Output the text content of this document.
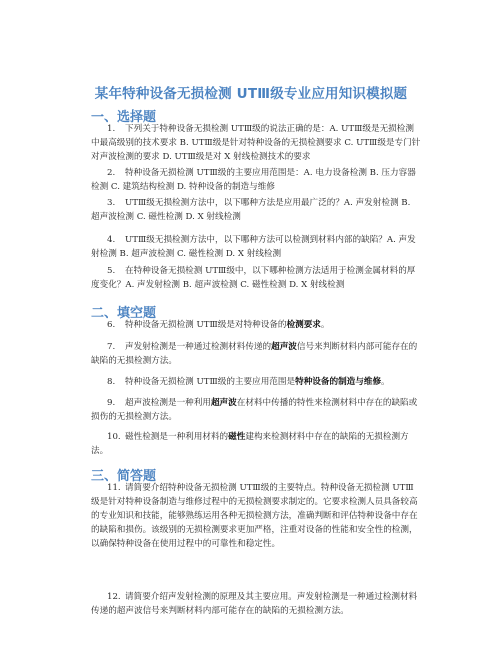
某年特种设备无损检测 UTⅢ级专业应用知识模拟题
一、选择题
1. 下列关于特种设备无损检测 UTⅢ级的说法正确的是：A. UTⅢ级是无损检测中最高级别的技术要求 B. UTⅢ级是针对特种设备的无损检测要求 C. UTⅢ级是专门针对声波检测的要求 D. UTⅢ级是对 X 射线检测技术的要求
2. 特种设备无损检测 UTⅢ级的主要应用范围是：A. 电力设备检测 B. 压力容器检测 C. 建筑结构检测 D. 特种设备的制造与维修
3. UTⅢ级无损检测方法中，以下哪种方法是应用最广泛的？A. 声发射检测 B. 超声波检测 C. 磁性检测 D. X 射线检测
4. UTⅢ级无损检测方法中，以下哪种方法可以检测到材料内部的缺陷？A. 声发射检测 B. 超声波检测 C. 磁性检测 D. X 射线检测
5. 在特种设备无损检测 UTⅢ级中，以下哪种检测方法适用于检测金属材料的厚度变化？A. 声发射检测 B. 超声波检测 C. 磁性检测 D. X 射线检测
二、填空题
6. 特种设备无损检测 UTⅢ级是对特种设备的检测要求。
7. 声发射检测是一种通过检测材料传递的超声波信号来判断材料内部可能存在的缺陷的无损检测方法。
8. 特种设备无损检测 UTⅢ级的主要应用范围是特种设备的制造与维修。
9. 超声波检测是一种利用超声波在材料中传播的特性来检测材料中存在的缺陷或损伤的无损检测方法。
10. 磁性检测是一种利用材料的磁性建构来检测材料中存在的缺陷的无损检测方法。
三、简答题
11. 请简要介绍特种设备无损检测 UTⅢ级的主要特点。特种设备无损检测 UTⅢ级是针对特种设备制造与维修过程中的无损检测要求制定的。它要求检测人员具备较高的专业知识和技能，能够熟练运用各种无损检测方法，准确判断和评估特种设备中存在的缺陷和损伤。该级别的无损检测要求更加严格，注重对设备的性能和安全性的检测，以确保特种设备在使用过程中的可靠性和稳定性。
12. 请简要介绍声发射检测的原理及其主要应用。声发射检测是一种通过检测材料传递的超声波信号来判断材料内部可能存在的缺陷的无损检测方法。
